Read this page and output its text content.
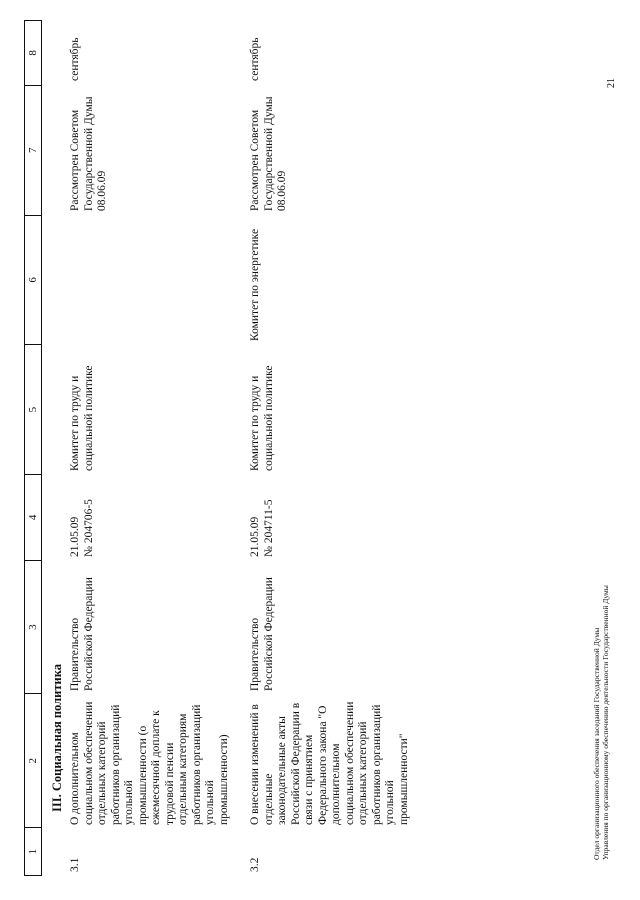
1
2
3
4
5
6
7
8
III. Социальная политика
3.1
О дополнительном социальном обеспечении отдельных категорий работников организаций угольной промышленности (о ежемесячной доплате к трудовой пенсии отдельным категориям работников организаций угольной промышленности)
Правительство Российской Федерации
21.05.09 № 204706-5
Комитет по труду и социальной политике
Рассмотрен Советом Государственной Думы 08.06.09
сентябрь
3.2
О внесении изменений в отдельные законодательные акты Российской Федерации в связи с принятием Федерального закона "О дополнительном социальном обеспечении отдельных категорий работников организаций угольной промышленности"
Правительство Российской Федерации
21.05.09 № 204711-5
Комитет по труду и социальной политике
Комитет по энергетике
Рассмотрен Советом Государственной Думы 08.06.09
сентябрь
Отдел организационного обеспечения заседаний Государственной Думы Управления по организационному обеспечению деятельности Государственной Думы
21
